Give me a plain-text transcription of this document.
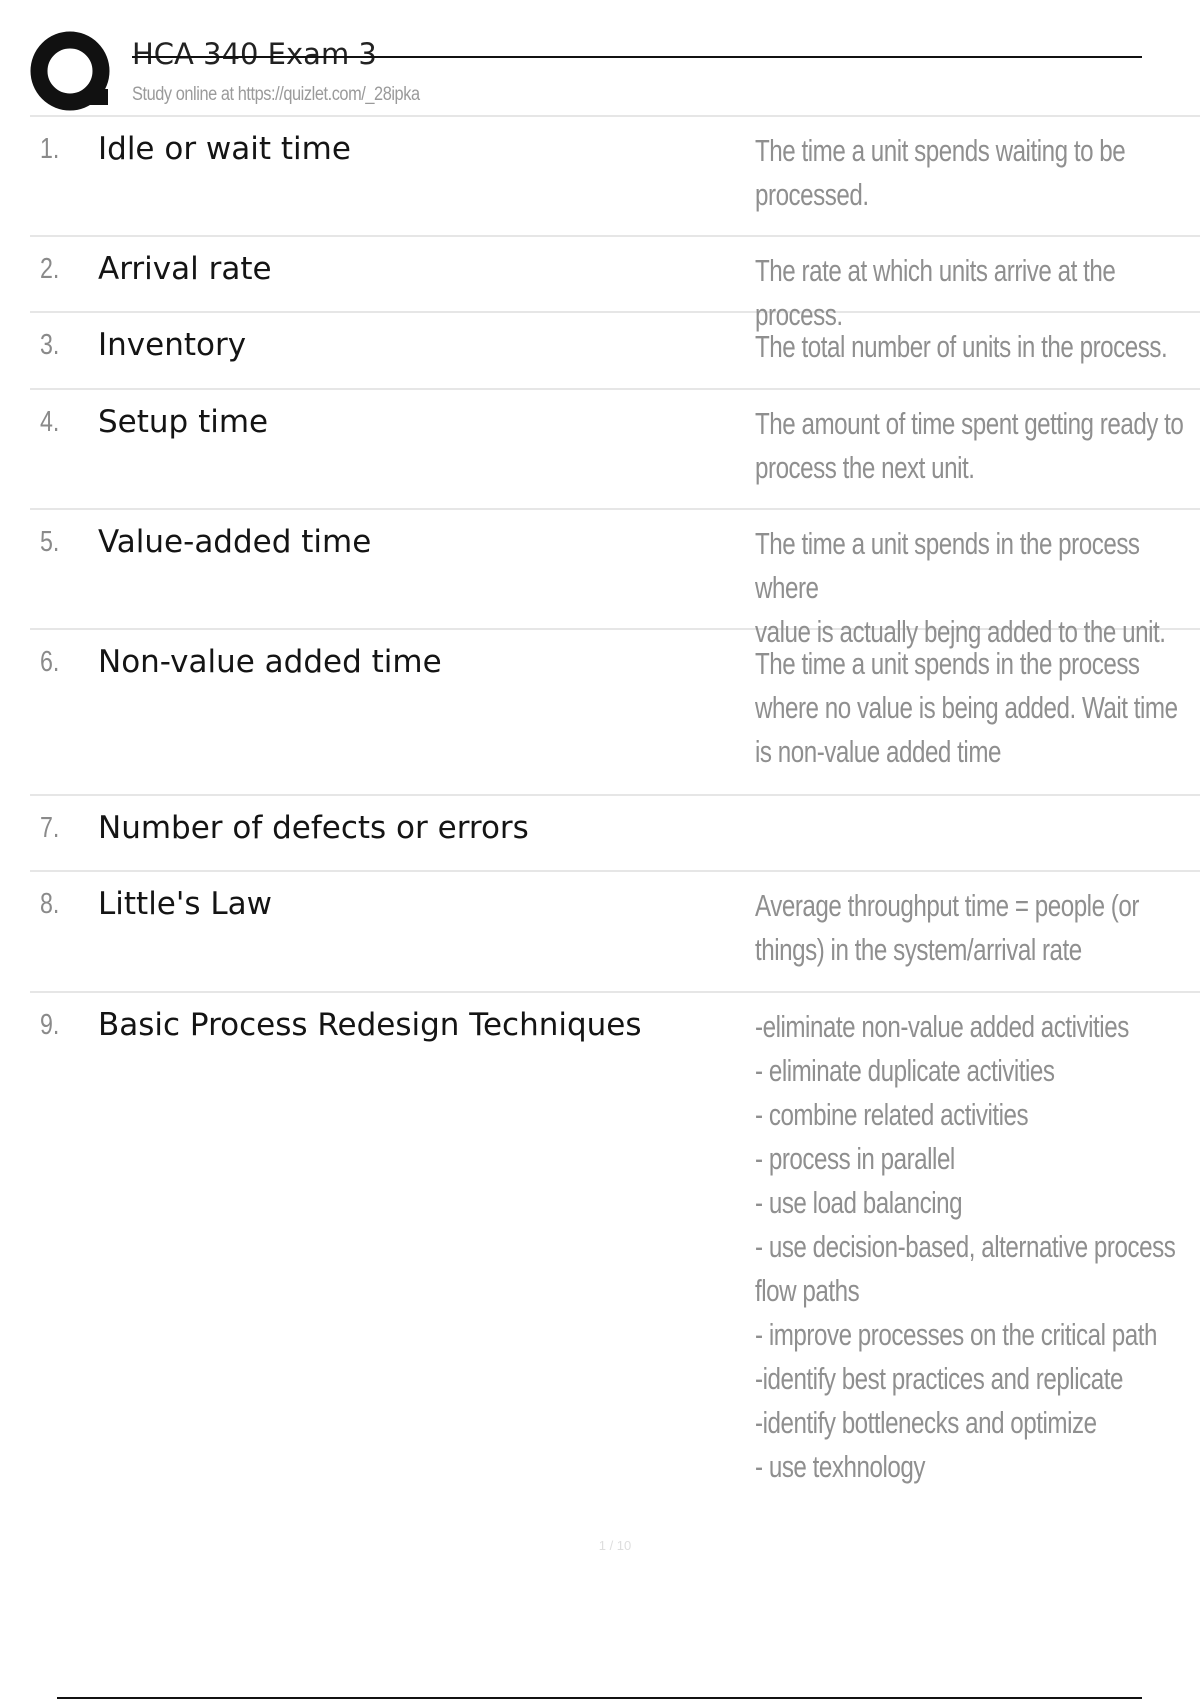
HCA 340 Exam 3
Study online at https://quizlet.com/_28ipka
1. Idle or wait time	The time a unit spends waiting to be
processed.
2. Arrival rate	The rate at which units arrive at the process.
3. Inventory	The total number of units in the process.
4. Setup time	The amount of time spent getting ready to
process the next unit.
5. Value-added time	The time a unit spends in the process where
value is actually bejng added to the unit.
6. Non-value added time	The time a unit spends in the process
where no value is being added. Wait time
is non-value added time
7. Number of defects or errors
8. Little's Law	Average throughput time = people (or
things) in the system/arrival rate
9. Basic Process Redesign Techniques	-eliminate non-value added activities
- eliminate duplicate activities
- combine related activities
- process in parallel
- use load balancing
- use decision-based, alternative process
flow paths
- improve processes on the critical path
-identify best practices and replicate
-identify bottlenecks and optimize
- use texhnology
1 / 10
